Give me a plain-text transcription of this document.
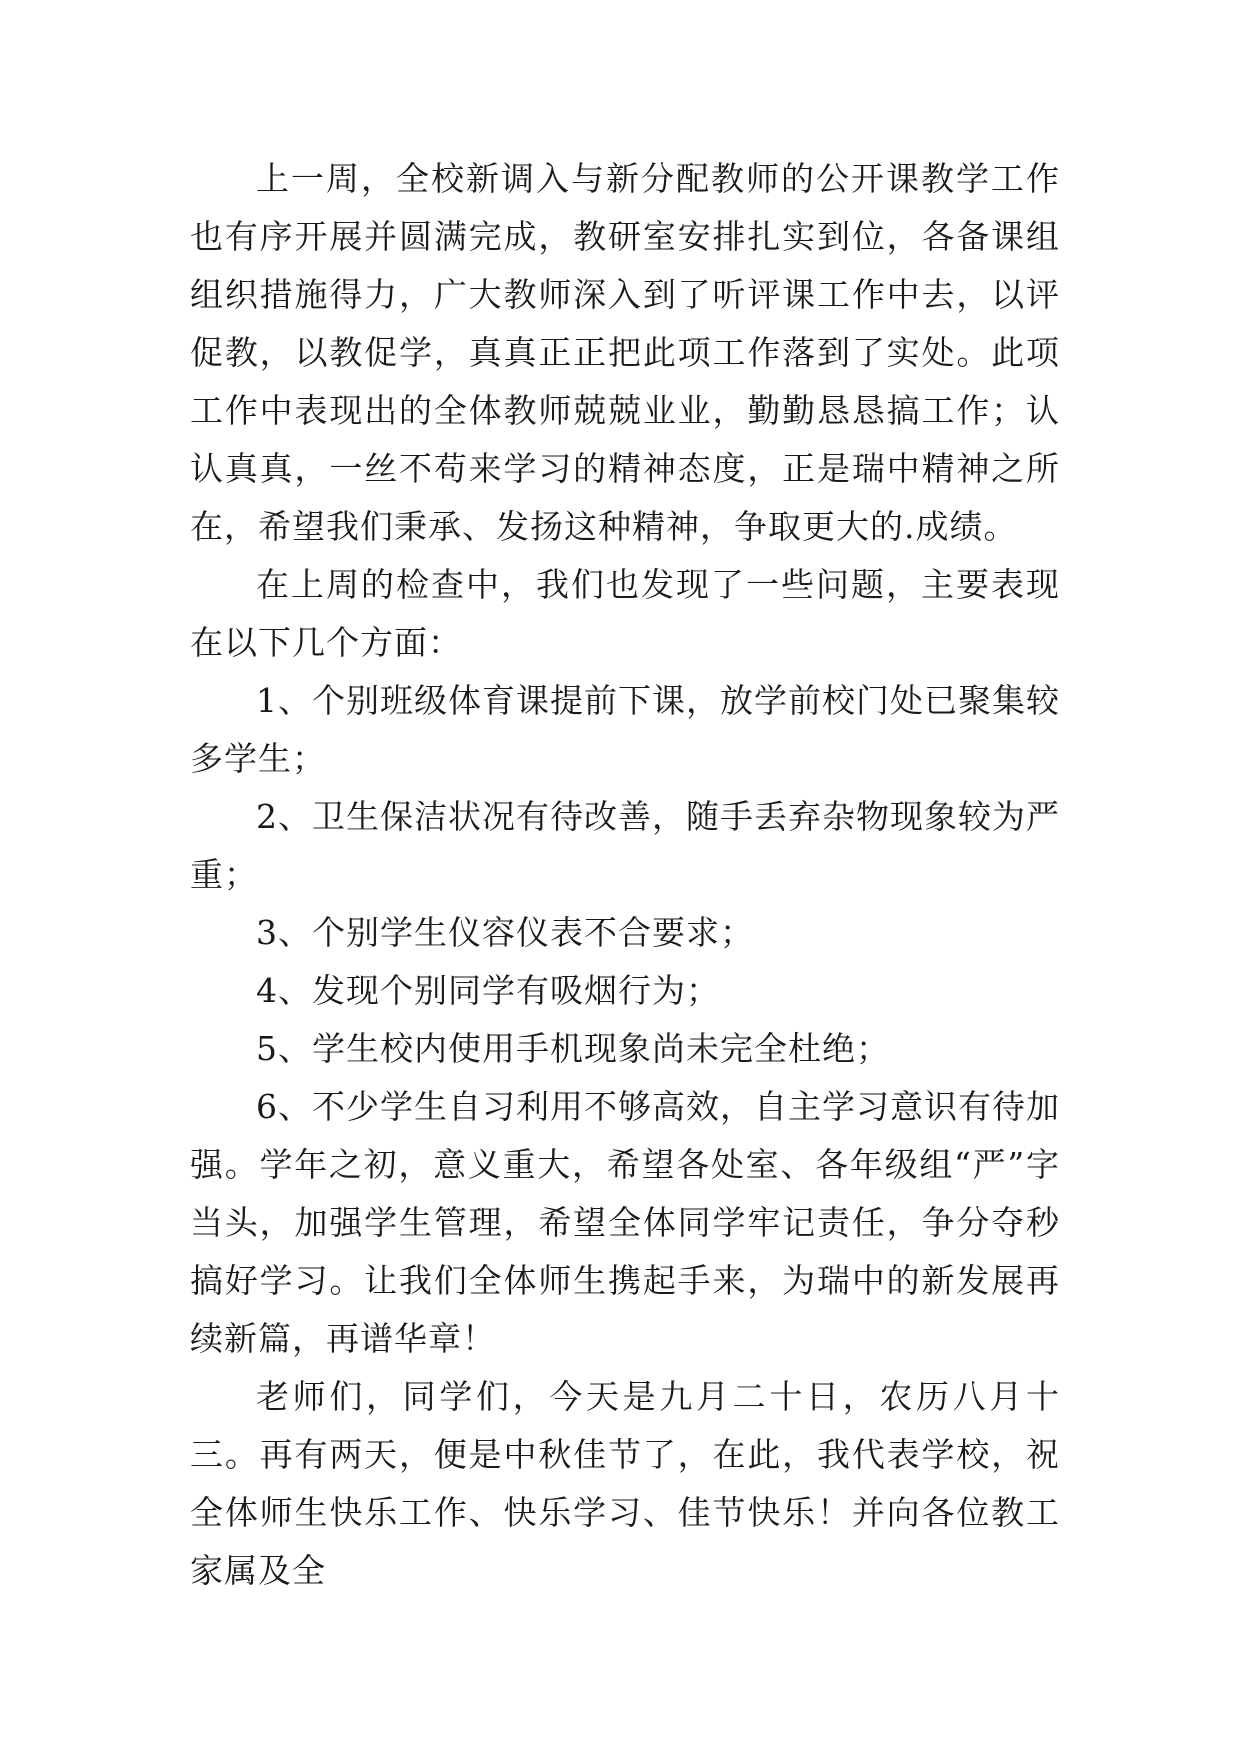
上一周，全校新调入与新分配教师的公开课教学工作也有序开展并圆满完成，教研室安排扎实到位，各备课组组织措施得力，广大教师深入到了听评课工作中去，以评促教，以教促学，真真正正把此项工作落到了实处。此项工作中表现出的全体教师兢兢业业，勤勤恳恳搞工作；认认真真，一丝不苟来学习的精神态度，正是瑞中精神之所在，希望我们秉承、发扬这种精神，争取更大的.成绩。

在上周的检查中，我们也发现了一些问题，主要表现在以下几个方面：

1、个别班级体育课提前下课，放学前校门处已聚集较多学生；

2、卫生保洁状况有待改善，随手丢弃杂物现象较为严重；

3、个别学生仪容仪表不合要求；

4、发现个别同学有吸烟行为；

5、学生校内使用手机现象尚未完全杜绝；

6、不少学生自习利用不够高效，自主学习意识有待加强。学年之初，意义重大，希望各处室、各年级组“严”字当头，加强学生管理，希望全体同学牢记责任，争分夺秒搞好学习。让我们全体师生携起手来，为瑞中的新发展再续新篇，再谱华章！

老师们，同学们，今天是九月二十日，农历八月十三。再有两天，便是中秋佳节了，在此，我代表学校，祝全体师生快乐工作、快乐学习、佳节快乐！并向各位教工家属及全
